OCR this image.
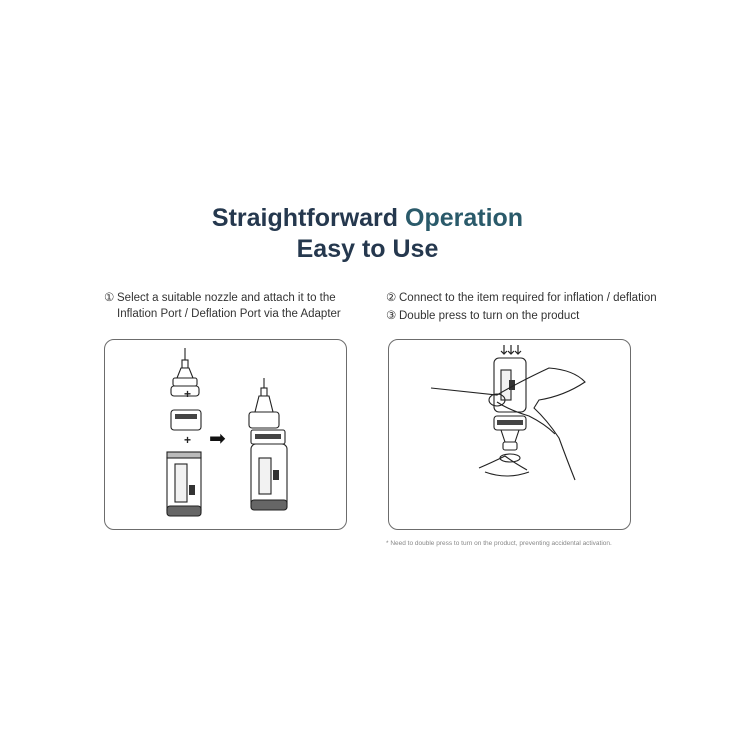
Straightforward Operation
Easy to Use
① Select a suitable nozzle and attach it to the
Inflation Port / Deflation Port via the Adapter
② Connect to the item required for inflation / deflation
③ Double press to turn on the product
+
+ ➡
* Need to double press to turn on the product, preventing accidental activation.
